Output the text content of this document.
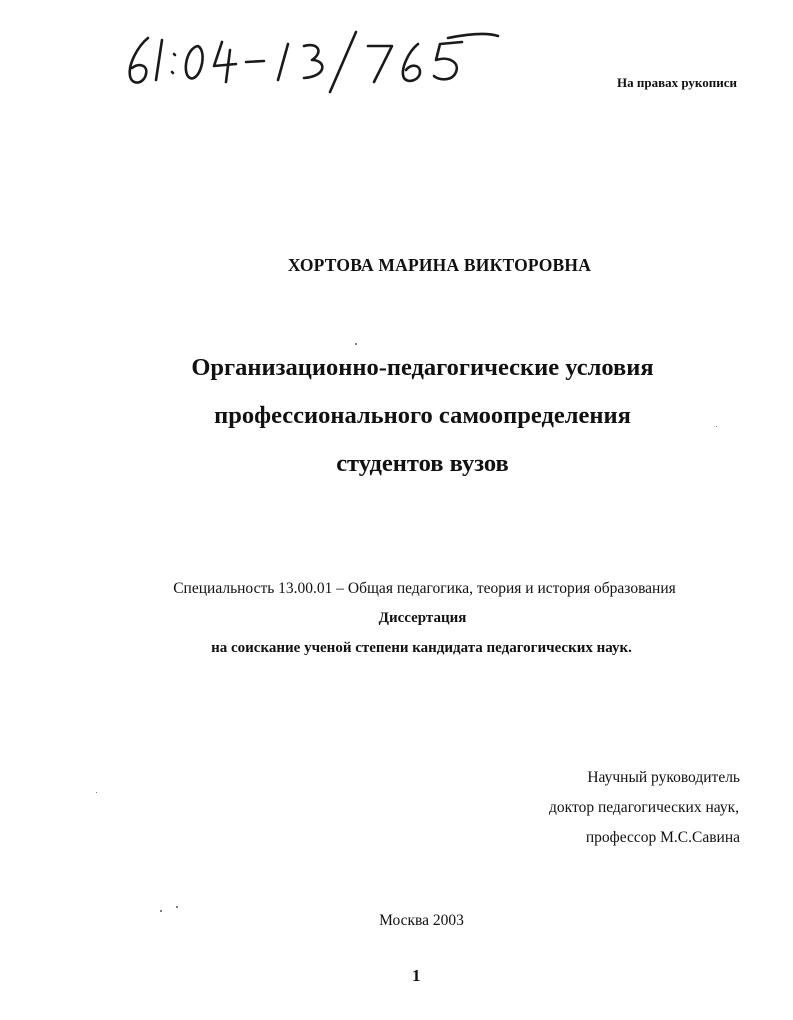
На правах рукописи
ХОРТОВА МАРИНА ВИКТОРОВНА
Организационно-педагогические условия
профессионального самоопределения
студентов вузов
Специальность 13.00.01 – Общая педагогика, теория и история образования
Диссертация
на соискание ученой степени кандидата педагогических наук.
Научный руководитель
доктор педагогических наук,
профессор М.С.Савина
Москва 2003
1
